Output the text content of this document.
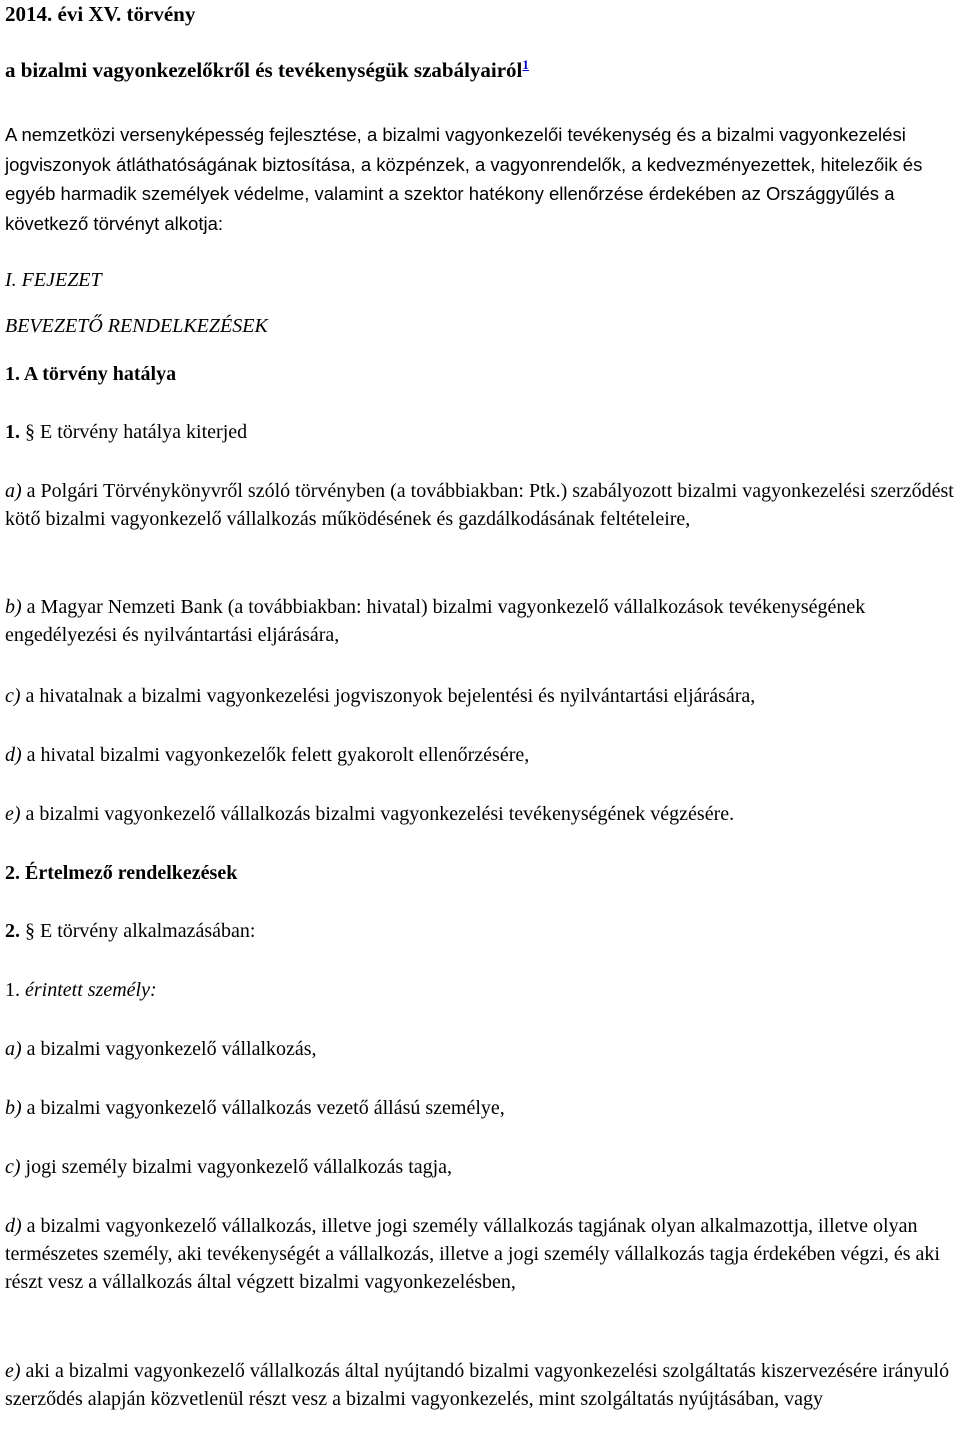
2014. évi XV. törvény

a bizalmi vagyonkezelőkről és tevékenységük szabályairól$^1$

A nemzetközi versenyképesség fejlesztése, a bizalmi vagyonkezelői tevékenység és a bizalmi vagyonkezelési jogviszonyok átláthatóságának biztosítása, a közpénzek, a vagyonrendelők, a kedvezményezettek, hitelezőik és egyéb harmadik személyek védelme, valamint a szektor hatékony ellenőrzése érdekében az Országgyűlés a következő törvényt alkotja:

I. FEJEZET

BEVEZETŐ RENDELKEZÉSEK

1. A törvény hatálya

1. § E törvény hatálya kiterjed

a) a Polgári Törvénykönyvről szóló törvényben (a továbbiakban: Ptk.) szabályozott bizalmi vagyonkezelési szerződést kötő bizalmi vagyonkezelő vállalkozás működésének és gazdálkodásának feltételeire,

b) a Magyar Nemzeti Bank (a továbbiakban: hivatal) bizalmi vagyonkezelő vállalkozások tevékenységének engedélyezési és nyilvántartási eljárására,

c) a hivatalnak a bizalmi vagyonkezelési jogviszonyok bejelentési és nyilvántartási eljárására,

d) a hivatal bizalmi vagyonkezelők felett gyakorolt ellenőrzésére,

e) a bizalmi vagyonkezelő vállalkozás bizalmi vagyonkezelési tevékenységének végzésére.

2. Értelmező rendelkezések

2. § E törvény alkalmazásában:

1. érintett személy:

a) a bizalmi vagyonkezelő vállalkozás,

b) a bizalmi vagyonkezelő vállalkozás vezető állású személye,

c) jogi személy bizalmi vagyonkezelő vállalkozás tagja,

d) a bizalmi vagyonkezelő vállalkozás, illetve jogi személy vállalkozás tagjának olyan alkalmazottja, illetve olyan természetes személy, aki tevékenységét a vállalkozás, illetve a jogi személy vállalkozás tagja érdekében végzi, és aki részt vesz a vállalkozás által végzett bizalmi vagyonkezelésben,

e) aki a bizalmi vagyonkezelő vállalkozás által nyújtandó bizalmi vagyonkezelési szolgáltatás kiszervezésére irányuló szerződés alapján közvetlenül részt vesz a bizalmi vagyonkezelés, mint szolgáltatás nyújtásában, vagy
